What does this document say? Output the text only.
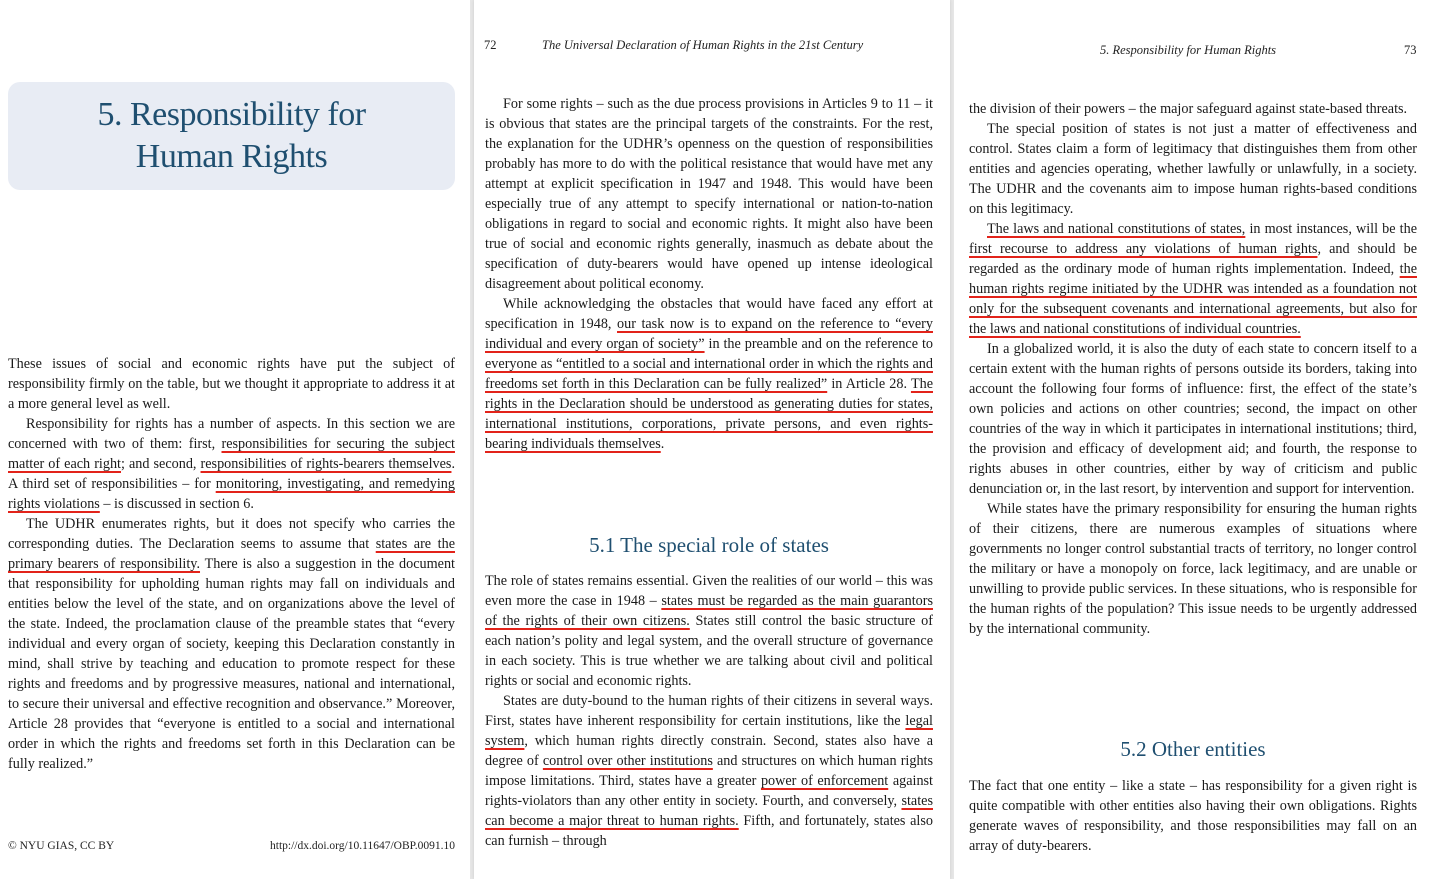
5. Responsibility for
Human Rights

These issues of social and economic rights have put the subject of responsibility firmly on the table, but we thought it appropriate to address it at a more general level as well.

Responsibility for rights has a number of aspects. In this section we are concerned with two of them: first, responsibilities for securing the subject matter of each right; and second, responsibilities of rights-bearers themselves. A third set of responsibilities – for monitoring, investigating, and remedying rights violations – is discussed in section 6.

The UDHR enumerates rights, but it does not specify who carries the corresponding duties. The Declaration seems to assume that states are the primary bearers of responsibility. There is also a suggestion in the document that responsibility for upholding human rights may fall on individuals and entities below the level of the state, and on organizations above the level of the state. Indeed, the proclamation clause of the preamble states that “every individual and every organ of society, keeping this Declaration constantly in mind, shall strive by teaching and education to promote respect for these rights and freedoms and by progressive measures, national and international, to secure their universal and effective recognition and observance.” Moreover, Article 28 provides that “everyone is entitled to a social and international order in which the rights and freedoms set forth in this Declaration can be fully realized.”

© NYU GIAS, CC BY	http://dx.doi.org/10.11647/OBP.0091.10
72	The Universal Declaration of Human Rights in the 21st Century

For some rights – such as the due process provisions in Articles 9 to 11 – it is obvious that states are the principal targets of the constraints. For the rest, the explanation for the UDHR’s openness on the question of responsibilities probably has more to do with the political resistance that would have met any attempt at explicit specification in 1947 and 1948. This would have been especially true of any attempt to specify international or nation-to-nation obligations in regard to social and economic rights. It might also have been true of social and economic rights generally, inasmuch as debate about the specification of duty-bearers would have opened up intense ideological disagreement about political economy.

While acknowledging the obstacles that would have faced any effort at specification in 1948, our task now is to expand on the reference to “every individual and every organ of society” in the preamble and on the reference to everyone as “entitled to a social and international order in which the rights and freedoms set forth in this Declaration can be fully realized” in Article 28. The rights in the Declaration should be understood as generating duties for states, international institutions, corporations, private persons, and even rights-bearing individuals themselves.

5.1 The special role of states

The role of states remains essential. Given the realities of our world – this was even more the case in 1948 – states must be regarded as the main guarantors of the rights of their own citizens. States still control the basic structure of each nation’s polity and legal system, and the overall structure of governance in each society. This is true whether we are talking about civil and political rights or social and economic rights.

States are duty-bound to the human rights of their citizens in several ways. First, states have inherent responsibility for certain institutions, like the legal system, which human rights directly constrain. Second, states also have a degree of control over other institutions and structures on which human rights impose limitations. Third, states have a greater power of enforcement against rights-violators than any other entity in society. Fourth, and conversely, states can become a major threat to human rights. Fifth, and fortunately, states also can furnish – through

5. Responsibility for Human Rights	73

the division of their powers – the major safeguard against state-based threats.

The special position of states is not just a matter of effectiveness and control. States claim a form of legitimacy that distinguishes them from other entities and agencies operating, whether lawfully or unlawfully, in a society. The UDHR and the covenants aim to impose human rights-based conditions on this legitimacy.

The laws and national constitutions of states, in most instances, will be the first recourse to address any violations of human rights, and should be regarded as the ordinary mode of human rights implementation. Indeed, the human rights regime initiated by the UDHR was intended as a foundation not only for the subsequent covenants and international agreements, but also for the laws and national constitutions of individual countries.

In a globalized world, it is also the duty of each state to concern itself to a certain extent with the human rights of persons outside its borders, taking into account the following four forms of influence: first, the effect of the state’s own policies and actions on other countries; second, the impact on other countries of the way in which it participates in international institutions; third, the provision and efficacy of development aid; and fourth, the response to rights abuses in other countries, either by way of criticism and public denunciation or, in the last resort, by intervention and support for intervention.

While states have the primary responsibility for ensuring the human rights of their citizens, there are numerous examples of situations where governments no longer control substantial tracts of territory, no longer control the military or have a monopoly on force, lack legitimacy, and are unable or unwilling to provide public services. In these situations, who is responsible for the human rights of the population? This issue needs to be urgently addressed by the international community.

5.2 Other entities

The fact that one entity – like a state – has responsibility for a given right is quite compatible with other entities also having their own obligations. Rights generate waves of responsibility, and those responsibilities may fall on an array of duty-bearers.
